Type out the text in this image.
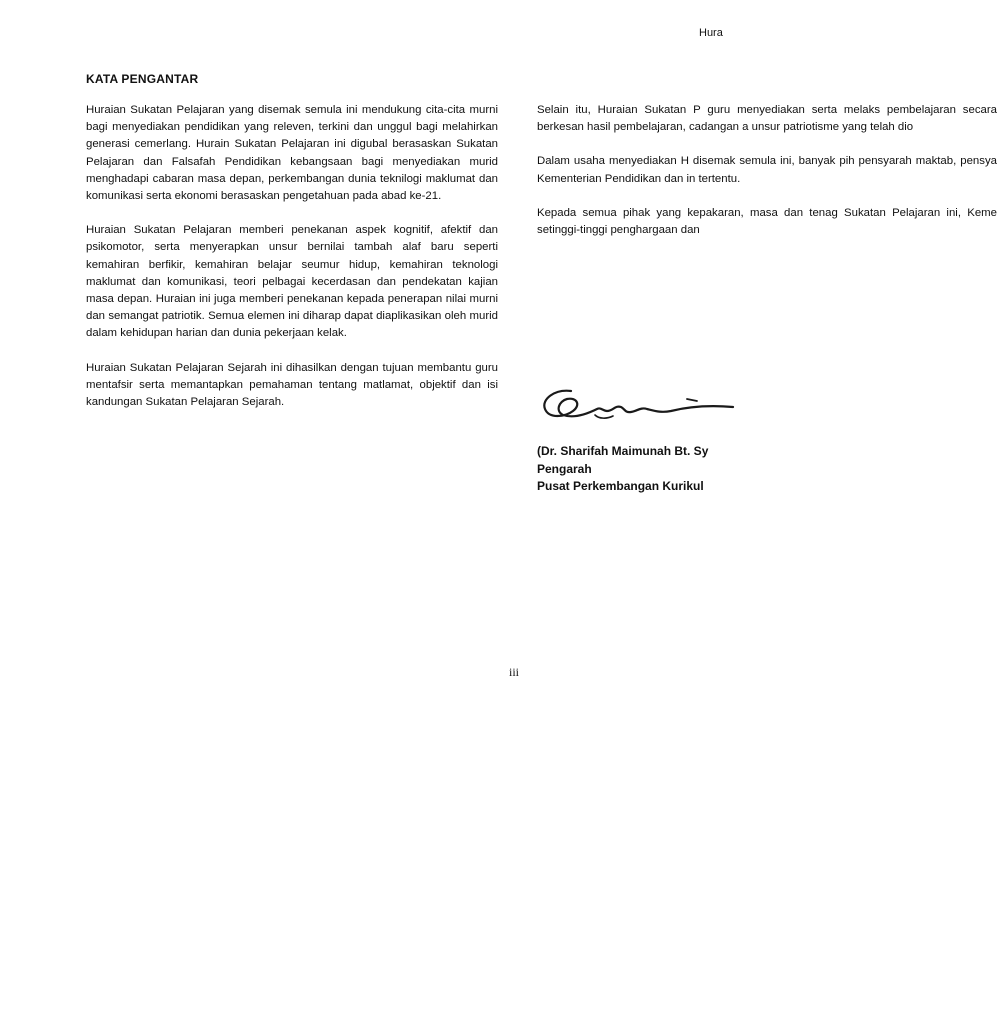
Hura
KATA PENGANTAR

Huraian Sukatan Pelajaran yang disemak semula ini mendukung cita-cita murni bagi menyediakan pendidikan yang releven, terkini dan unggul bagi melahirkan generasi cemerlang. Hurain Sukatan Pelajaran ini digubal berasaskan Sukatan Pelajaran dan Falsafah Pendidikan kebangsaan bagi menyediakan murid menghadapi cabaran masa depan, perkembangan dunia teknilogi maklumat dan komunikasi serta ekonomi berasaskan pengetahuan pada abad ke-21.

Huraian Sukatan Pelajaran memberi penekanan aspek kognitif, afektif dan psikomotor, serta menyerapkan unsur bernilai tambah alaf baru seperti kemahiran berfikir, kemahiran belajar seumur hidup, kemahiran teknologi maklumat dan komunikasi, teori pelbagai kecerdasan dan pendekatan kajian masa depan. Huraian ini juga memberi penekanan kepada penerapan nilai murni dan semangat patriotik. Semua elemen ini diharap dapat diaplikasikan oleh murid dalam kehidupan harian dan dunia pekerjaan kelak.

Huraian Sukatan Pelajaran Sejarah ini dihasilkan dengan tujuan membantu guru mentafsir serta memantapkan pemahaman tentang matlamat, objektif dan isi kandungan Sukatan Pelajaran Sejarah.

Selain itu, Huraian Sukatan P guru menyediakan serta melaks pembelajaran secara berkesan hasil pembelajaran, cadangan a unsur patriotisme yang telah dio

Dalam usaha menyediakan H disemak semula ini, banyak pih pensyarah maktab, pensya Kementerian Pendidikan dan in tertentu.

Kepada semua pihak yang kepakaran, masa dan tenag Sukatan Pelajaran ini, Keme setinggi-tinggi penghargaan dan

(Dr. Sharifah Maimunah Bt. Sy
Pengarah
Pusat Perkembangan Kurikul
iii
